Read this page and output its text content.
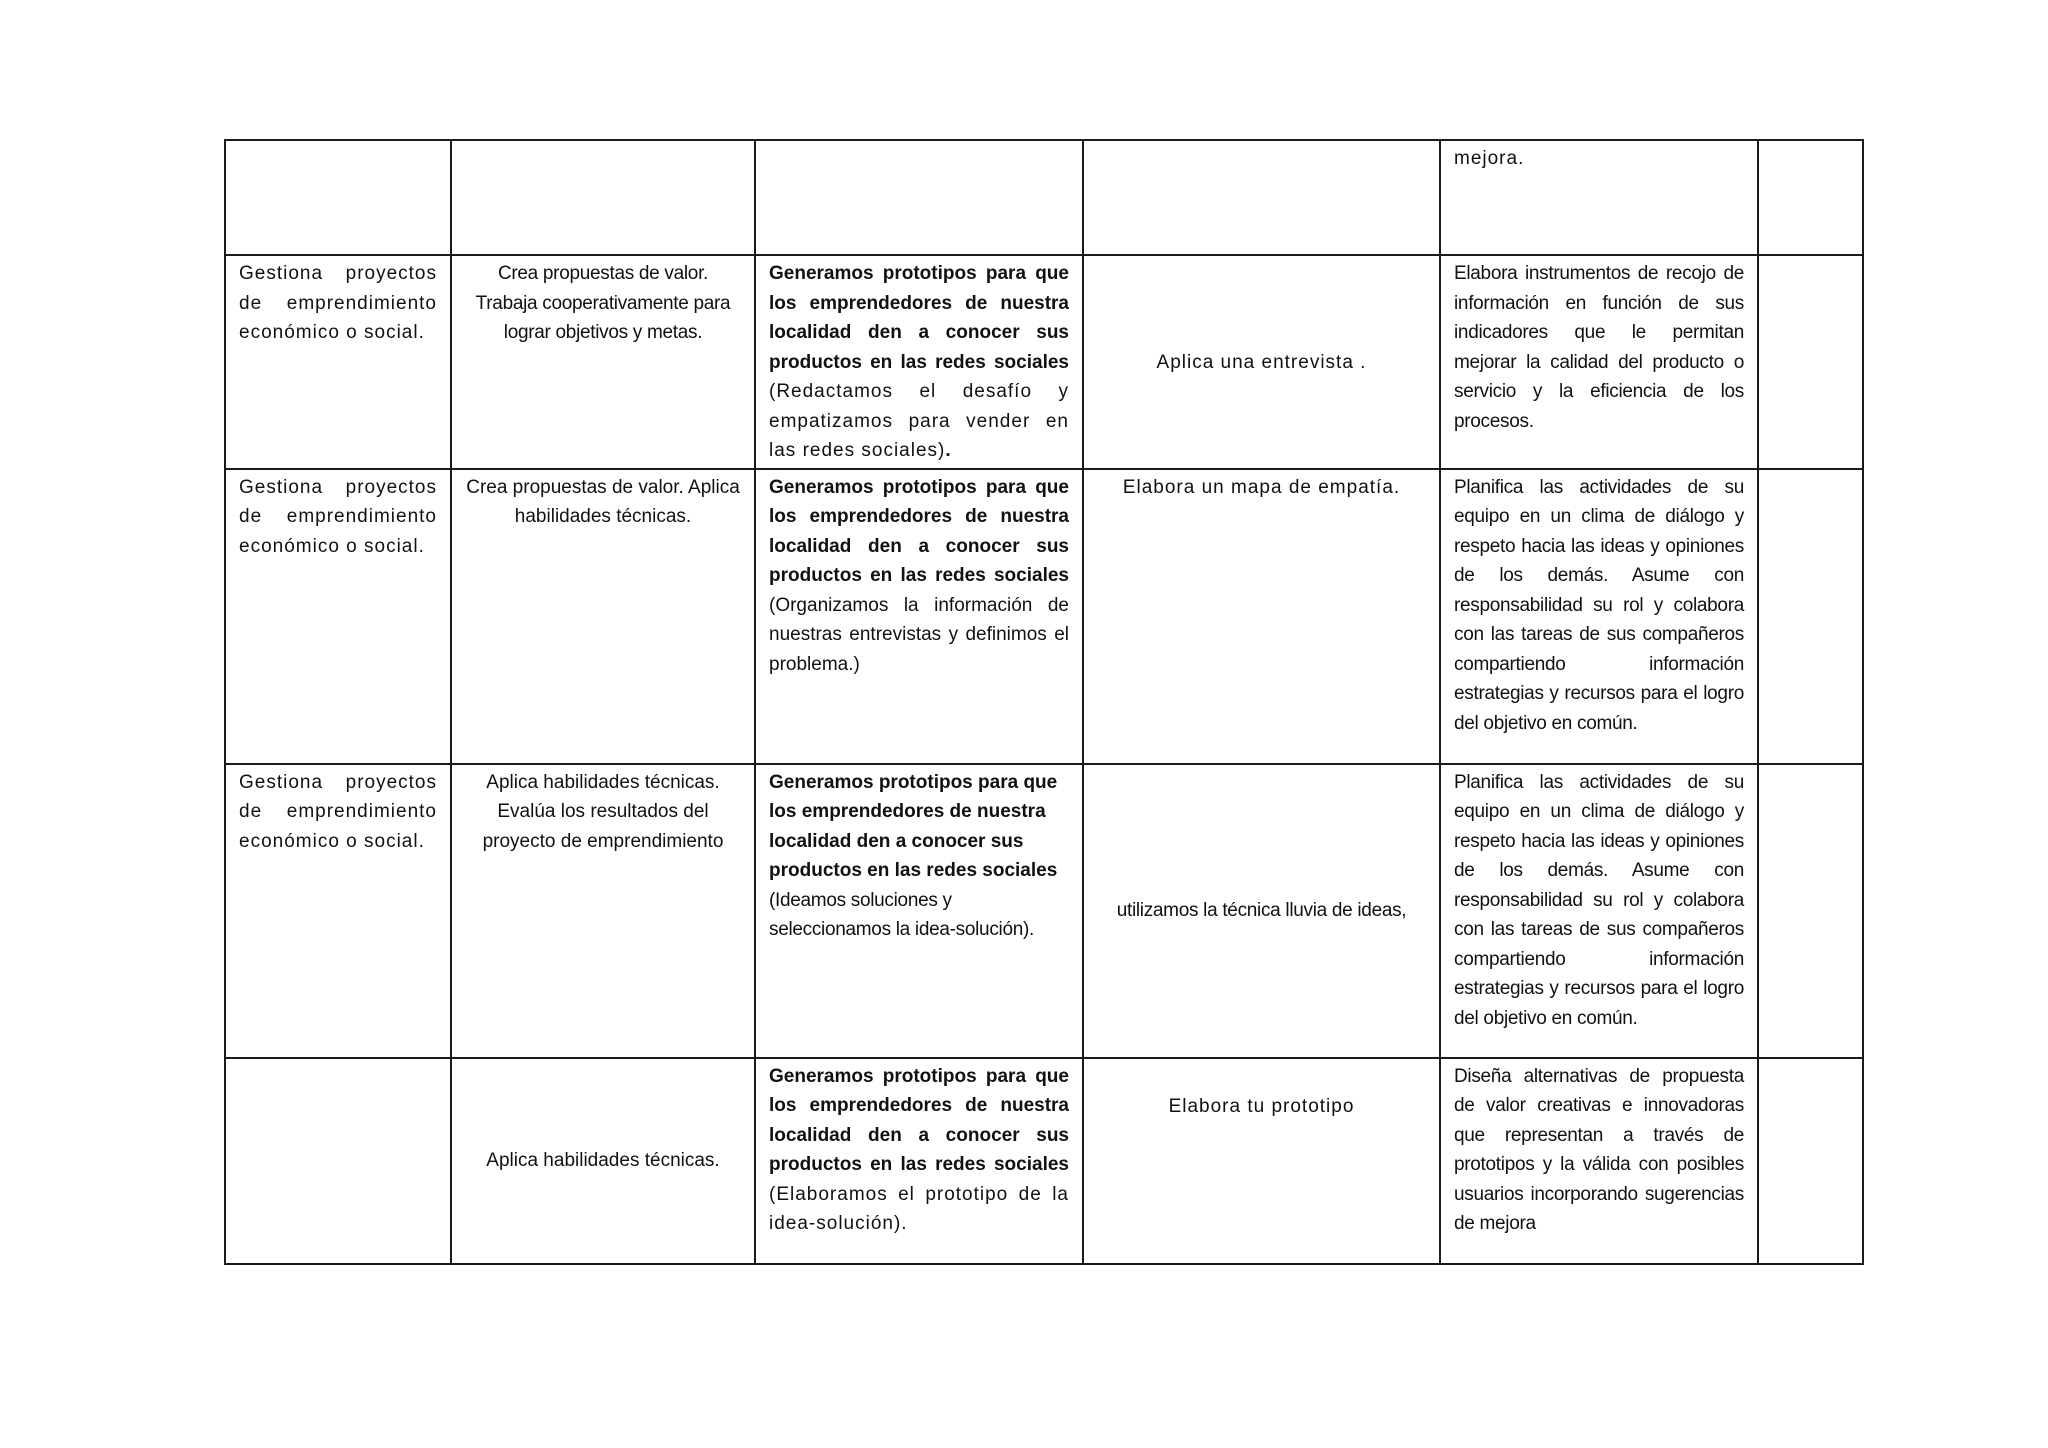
				mejora.	
Gestiona proyectos de emprendimiento económico o social.	Crea propuestas de valor. Trabaja cooperativamente para lograr objetivos y metas.	Generamos prototipos para que los emprendedores de nuestra localidad den a conocer sus productos en las redes sociales (Redactamos el desafío y empatizamos para vender en las redes sociales).	Aplica una entrevista .	Elabora instrumentos de recojo de información en función de sus indicadores que le permitan mejorar la calidad del producto o servicio y la eficiencia de los procesos.	
Gestiona proyectos de emprendimiento económico o social.	Crea propuestas de valor. Aplica habilidades técnicas.	Generamos prototipos para que los emprendedores de nuestra localidad den a conocer sus productos en las redes sociales (Organizamos la información de nuestras entrevistas y definimos el problema.)	Elabora un mapa de empatía.	Planifica las actividades de su equipo en un clima de diálogo y respeto hacia las ideas y opiniones de los demás. Asume con responsabilidad su rol y colabora con las tareas de sus compañeros compartiendo información estrategias y recursos para el logro del objetivo en común.	
Gestiona proyectos de emprendimiento económico o social.	Aplica habilidades técnicas. Evalúa los resultados del proyecto de emprendimiento	Generamos prototipos para que los emprendedores de nuestra localidad den a conocer sus productos en las redes sociales (Ideamos soluciones y seleccionamos la idea-solución).	utilizamos la técnica lluvia de ideas,	Planifica las actividades de su equipo en un clima de diálogo y respeto hacia las ideas y opiniones de los demás. Asume con responsabilidad su rol y colabora con las tareas de sus compañeros compartiendo información estrategias y recursos para el logro del objetivo en común.	
	Aplica habilidades técnicas.	Generamos prototipos para que los emprendedores de nuestra localidad den a conocer sus productos en las redes sociales (Elaboramos el prototipo de la idea-solución).	Elabora tu prototipo	Diseña alternativas de propuesta de valor creativas e innovadoras que representan a través de prototipos y la válida con posibles usuarios incorporando sugerencias de mejora	
